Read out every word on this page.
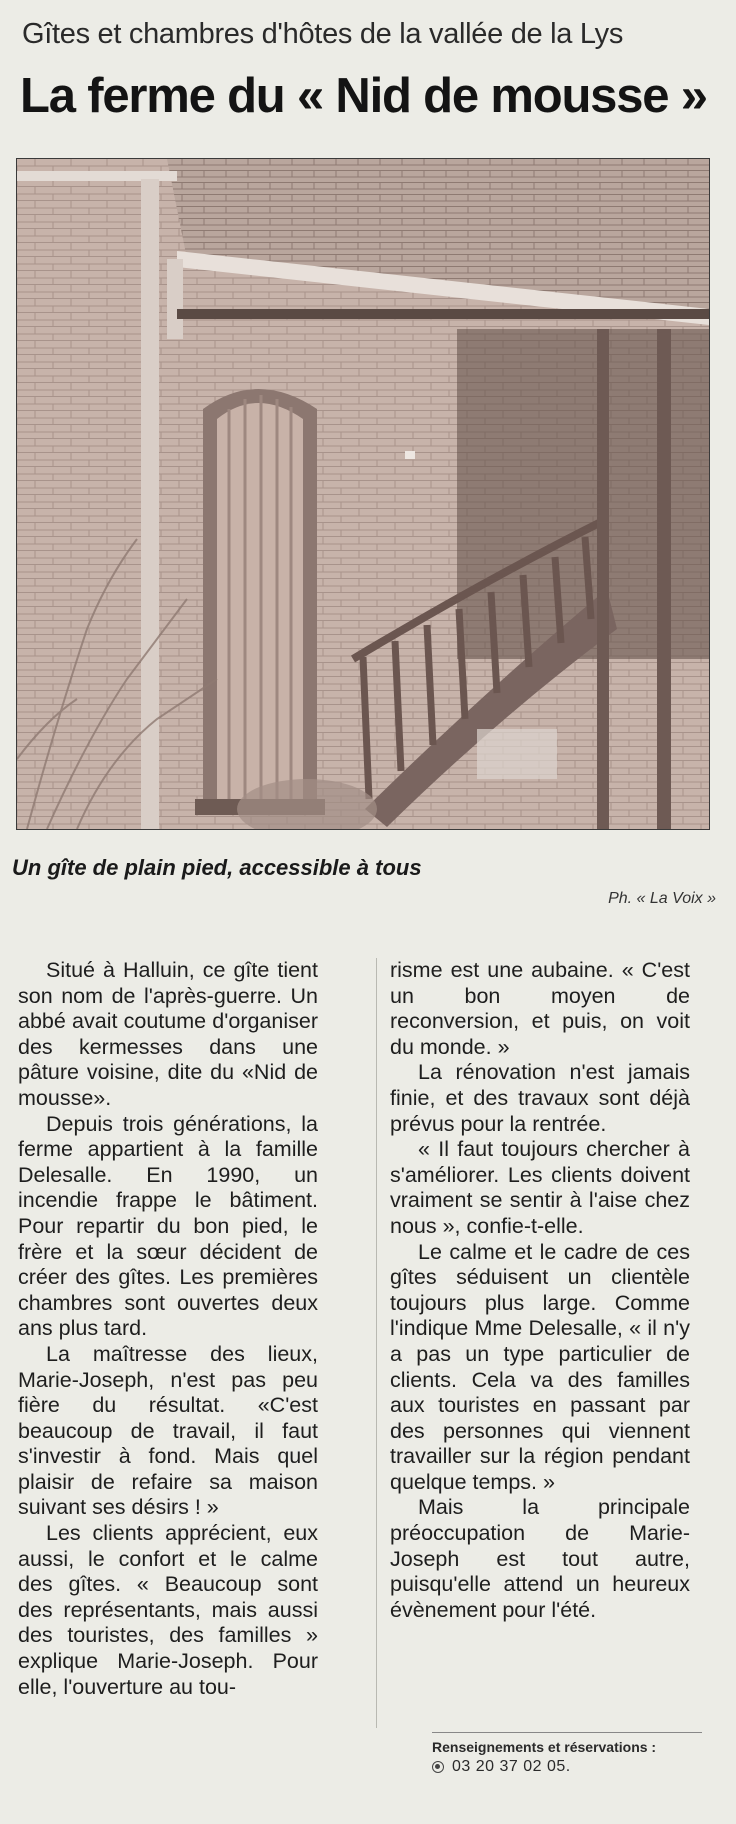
Gîtes et chambres d'hôtes de la vallée de la Lys
La ferme du « Nid de mousse »
Un gîte de plain pied, accessible à tous
Ph. « La Voix »

Situé à Halluin, ce gîte tient son nom de l'après-guerre. Un abbé avait coutume d'organiser des kermesses dans une pâture voisine, dite du «Nid de mousse».

Depuis trois générations, la ferme appartient à la famille Delesalle. En 1990, un incendie frappe le bâtiment. Pour repartir du bon pied, le frère et la sœur décident de créer des gîtes. Les premières chambres sont ouvertes deux ans plus tard.

La maîtresse des lieux, Marie-Joseph, n'est pas peu fière du résultat. «C'est beaucoup de travail, il faut s'investir à fond. Mais quel plaisir de refaire sa maison suivant ses désirs ! »

Les clients apprécient, eux aussi, le confort et le calme des gîtes. « Beaucoup sont des représentants, mais aussi des touristes, des familles » explique Marie-Joseph. Pour elle, l'ouverture au tou-

risme est une aubaine. « C'est un bon moyen de reconversion, et puis, on voit du monde. »

La rénovation n'est jamais finie, et des travaux sont déjà prévus pour la rentrée.

« Il faut toujours chercher à s'améliorer. Les clients doivent vraiment se sentir à l'aise chez nous », confie-t-elle.

Le calme et le cadre de ces gîtes séduisent un clientèle toujours plus large. Comme l'indique Mme Delesalle, « il n'y a pas un type particulier de clients. Cela va des familles aux touristes en passant par des personnes qui viennent travailler sur la région pendant quelque temps. »

Mais la principale préoccupation de Marie-Joseph est tout autre, puisqu'elle attend un heureux évènement pour l'été.

Renseignements et réservations :
03 20 37 02 05.
